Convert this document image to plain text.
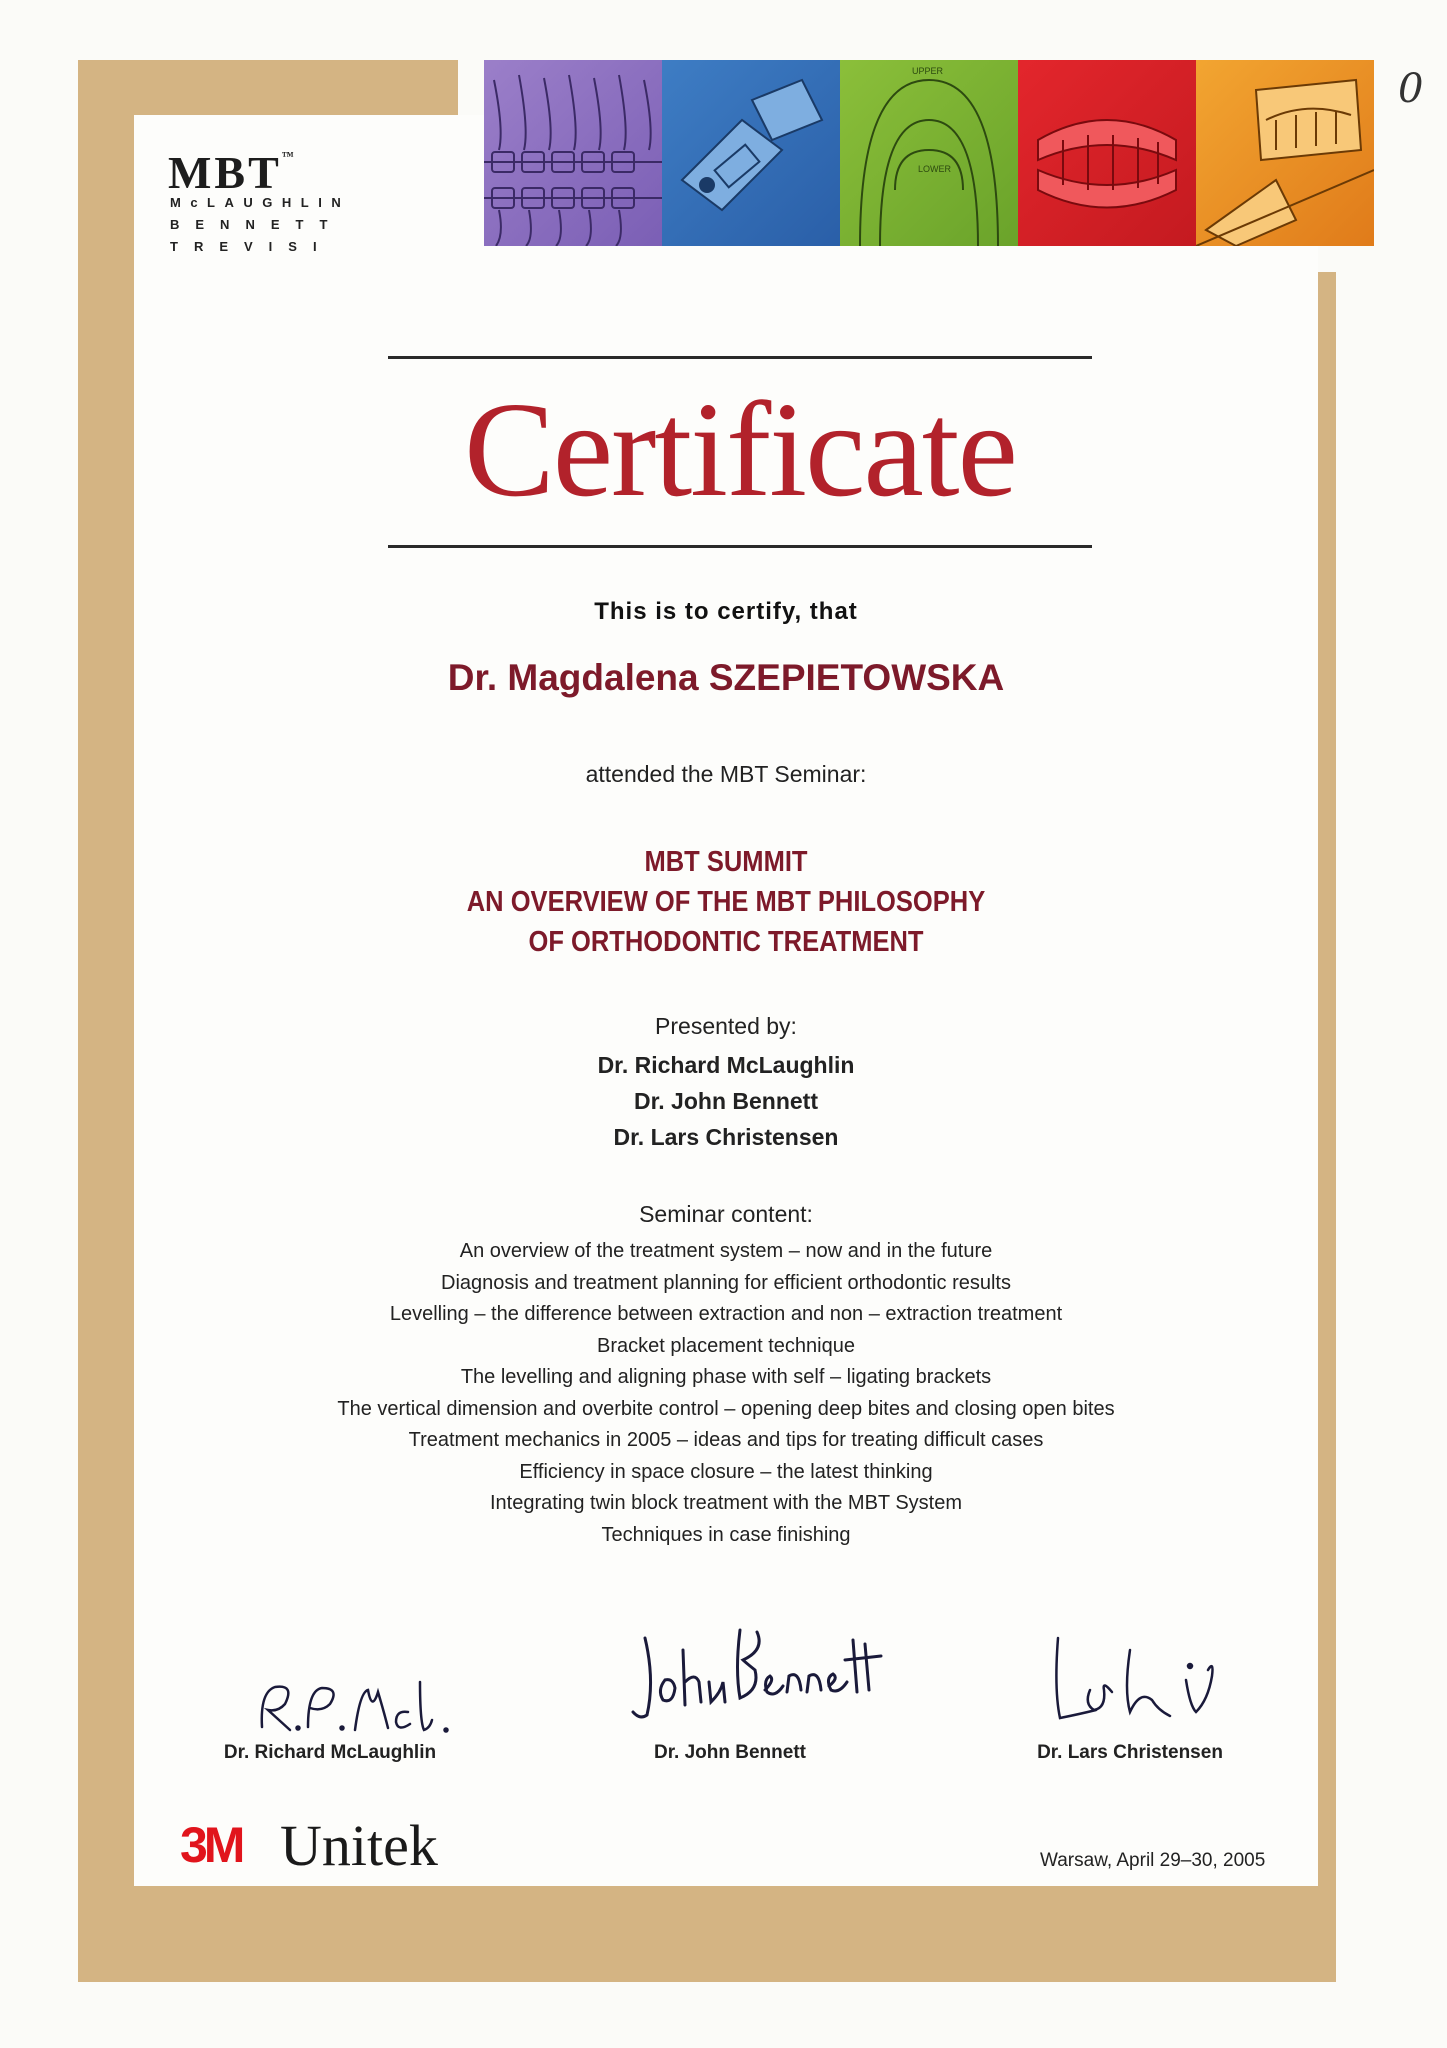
0
MBT™
McLAUGHLIN
BENNETT
TREVISI
UPPER
LOWER
Certificate
This is to certify, that
Dr. Magdalena SZEPIETOWSKA
attended the MBT Seminar:
MBT SUMMIT
AN OVERVIEW OF THE MBT PHILOSOPHY
OF ORTHODONTIC TREATMENT
Presented by:
Dr. Richard McLaughlin
Dr. John Bennett
Dr. Lars Christensen
Seminar content:
An overview of the treatment system – now and in the future
Diagnosis and treatment planning for efficient orthodontic results
Levelling – the difference between extraction and non – extraction treatment
Bracket placement technique
The levelling and aligning phase with self – ligating brackets
The vertical dimension and overbite control – opening deep bites and closing open bites
Treatment mechanics in 2005 – ideas and tips for treating difficult cases
Efficiency in space closure – the latest thinking
Integrating twin block treatment with the MBT System
Techniques in case finishing
Dr. Richard McLaughlin	Dr. John Bennett	Dr. Lars Christensen
3M Unitek	Warsaw, April 29–30, 2005
